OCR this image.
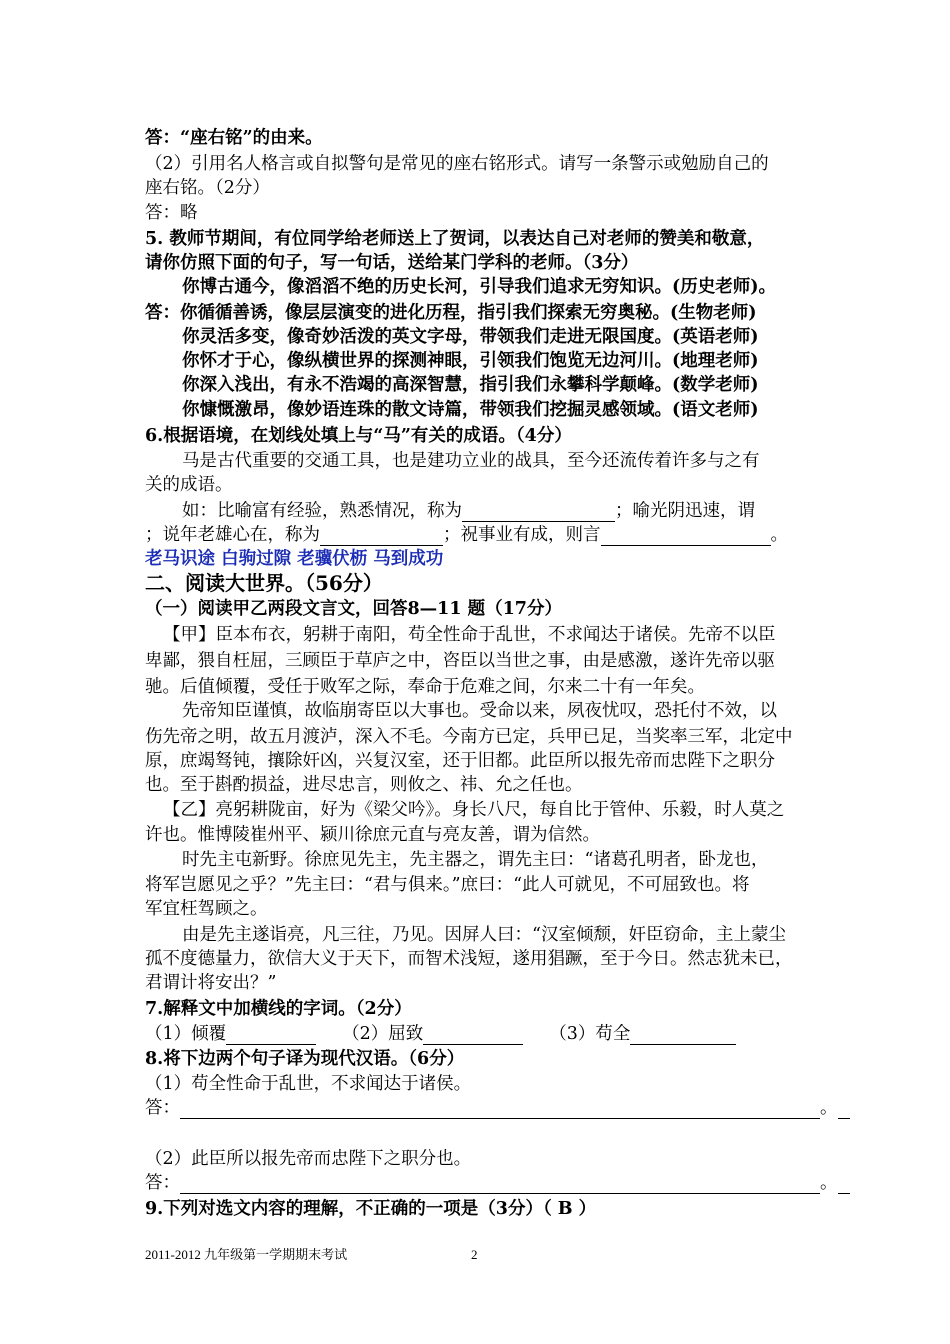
答：“座右铭”的由来。
（2）引用名人格言或自拟警句是常见的座右铭形式。请写一条警示或勉励自己的
座右铭。（2分）
答：略
5. 教师节期间，有位同学给老师送上了贺词，以表达自己对老师的赞美和敬意，
请你仿照下面的句子，写一句话，送给某门学科的老师。（3分）
你博古通今，像滔滔不绝的历史长河，引导我们追求无穷知识。(历史老师)。
答：你循循善诱，像层层演变的进化历程，指引我们探索无穷奥秘。(生物老师)
你灵活多变，像奇妙活泼的英文字母，带领我们走进无限国度。(英语老师)
你怀才于心，像纵横世界的探测神眼，引领我们饱览无边河川。(地理老师)
你深入浅出，有永不浩竭的高深智慧，指引我们永攀科学颠峰。(数学老师)
你慷慨激昂，像妙语连珠的散文诗篇，带领我们挖掘灵感领域。(语文老师)
6.根据语境，在划线处填上与“马”有关的成语。（4分）
马是古代重要的交通工具，也是建功立业的战具，至今还流传着许多与之有
关的成语。
如：比喻富有经验，熟悉情况，称为	；喻光阴迅速，谓
；说年老雄心在，称为	；祝事业有成，则言	。
老马识途 白驹过隙 老骥伏枥 马到成功
二、阅读大世界。（56分）
（一）阅读甲乙两段文言文，回答8—11 题（17分）
【甲】臣本布衣，躬耕于南阳，苟全性命于乱世，不求闻达于诸侯。先帝不以臣
卑鄙，猥自枉屈，三顾臣于草庐之中，咨臣以当世之事，由是感激，遂许先帝以驱
驰。后值倾覆，受任于败军之际，奉命于危难之间，尔来二十有一年矣。
先帝知臣谨慎，故临崩寄臣以大事也。受命以来，夙夜忧叹，恐托付不效，以
伤先帝之明，故五月渡泸，深入不毛。今南方已定，兵甲已足，当奖率三军，北定中
原，庶竭驽钝，攘除奸凶，兴复汉室，还于旧都。此臣所以报先帝而忠陛下之职分
也。至于斟酌损益，进尽忠言，则攸之、祎、允之任也。
【乙】亮躬耕陇亩，好为《梁父吟》。身长八尺，每自比于管仲、乐毅，时人莫之
许也。惟博陵崔州平、颍川徐庶元直与亮友善，谓为信然。
时先主屯新野。徐庶见先主，先主器之，谓先主曰：“诸葛孔明者，卧龙也，
将军岂愿见之乎？”先主曰：“君与俱来。”庶曰：“此人可就见，不可屈致也。将
军宜枉驾顾之。
由是先主遂诣亮，凡三往，乃见。因屏人曰：“汉室倾颓，奸臣窃命，主上蒙尘
孤不度德量力，欲信大义于天下，而智术浅短，遂用猖蹶，至于今日。然志犹未已，
君谓计将安出？”
7.解释文中加横线的字词。（2分）
（1）倾覆	（2）屈致	（3）苟全
8.将下边两个句子译为现代汉语。（6分）
（1）苟全性命于乱世，不求闻达于诸侯。
答：	。
（2）此臣所以报先帝而忠陛下之职分也。
答：	。
9.下列对选文内容的理解，不正确的一项是（3分）（ B ）
2011-2012 九年级第一学期期末考试	2
